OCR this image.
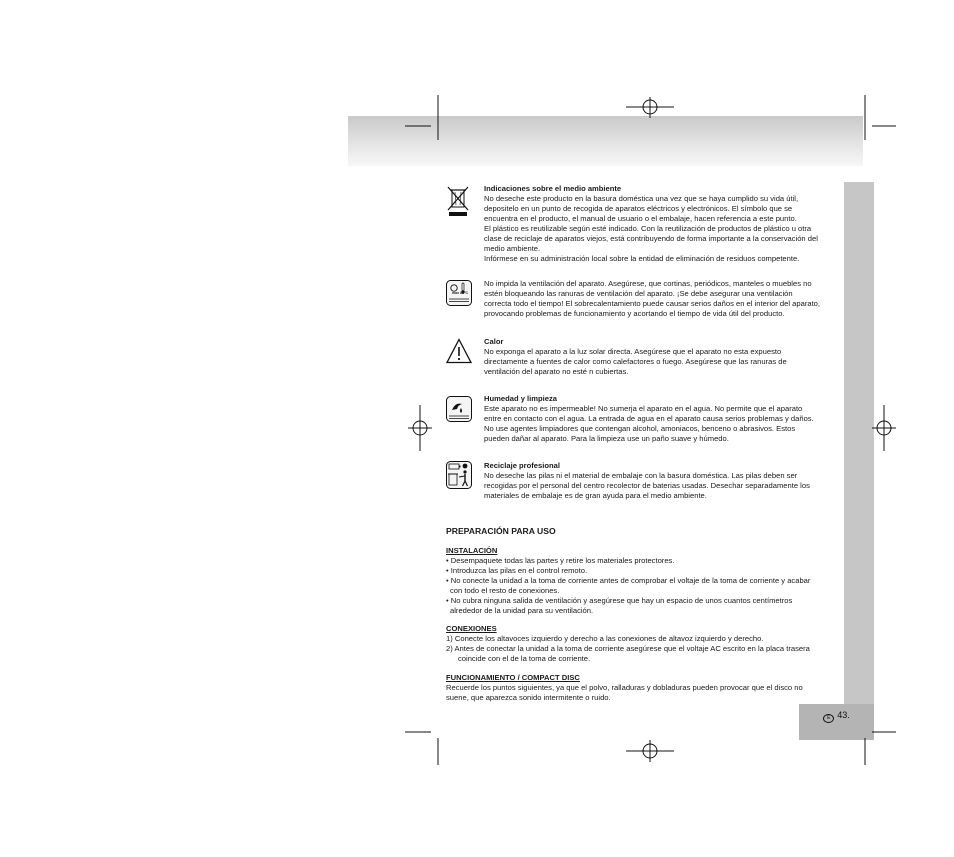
E 43.
max 85°C
Indicaciones sobre el medio ambiente
No deseche este producto en la basura doméstica una vez que se haya cumplido su vida útil,
depositelo en un punto de recogida de aparatos eléctricos y electrónicos. El símbolo que se
encuentra en el producto, el manual de usuario o el embalaje, hacen referencia a este punto.
El plástico es reutilizable según esté indicado. Con la reutilización de productos de plástico u otra
clase de reciclaje de aparatos viejos, está contribuyendo de forma importante a la conservación del
medio ambiente.
Infórmese en su administración local sobre la entidad de eliminación de residuos competente.
No impida la ventilación del aparato. Asegúrese, que cortinas, periódicos, manteles o muebles no
estén bloqueando las ranuras de ventilación del aparato. ¡Se debe asegurar una ventilación
correcta todo el tiempo! El sobrecalentamiento puede causar serios daños en el interior del aparato,
provocando problemas de funcionamiento y acortando el tiempo de vida útil del producto.
Calor
No exponga el aparato a la luz solar directa. Asegúrese que el aparato no esta expuesto
directamente a fuentes de calor como calefactores o fuego. Asegúrese que las ranuras de
ventilación del aparato no esté n cubiertas.
Humedad y limpieza
Este aparato no es impermeable! No sumerja el aparato en el agua. No permite que el aparato
entre en contacto con el agua. La entrada de agua en el aparato causa serios problemas y daños.
No use agentes limpiadores que contengan alcohol, amoniacos, benceno o abrasivos. Estos
pueden dañar al aparato. Para la limpieza use un paño suave y húmedo.
Reciclaje profesional
No deseche las pilas ni el material de embalaje con la basura doméstica. Las pilas deben ser
recogidas por el personal del centro recolector de baterias usadas. Desechar separadamente los
materiales de embalaje es de gran ayuda para el medio ambiente.
PREPARACIÓN PARA USO
INSTALACIÓN
• Desempaquete todas las partes y retire los materiales protectores.
• Introduzca las pilas en el control remoto.
• No conecte la unidad a la toma de corriente antes de comprobar el voltaje de la toma de corriente y acabar
con todo el resto de conexiones.
• No cubra ninguna salida de ventilación y asegúrese que hay un espacio de unos cuantos centímetros
alrededor de la unidad para su ventilación.
CONEXIONES
1) Conecte los altavoces izquierdo y derecho a las conexiones de altavoz izquierdo y derecho.
2) Antes de conectar la unidad a la toma de corriente asegúrese que el voltaje AC escrito en la placa trasera
coincide con el de la toma de corriente.
FUNCIONAMIENTO / COMPACT DISC
Recuerde los puntos siguientes, ya que el polvo, ralladuras y dobladuras pueden provocar que el disco no
suene, que aparezca sonido intermitente o ruido.
